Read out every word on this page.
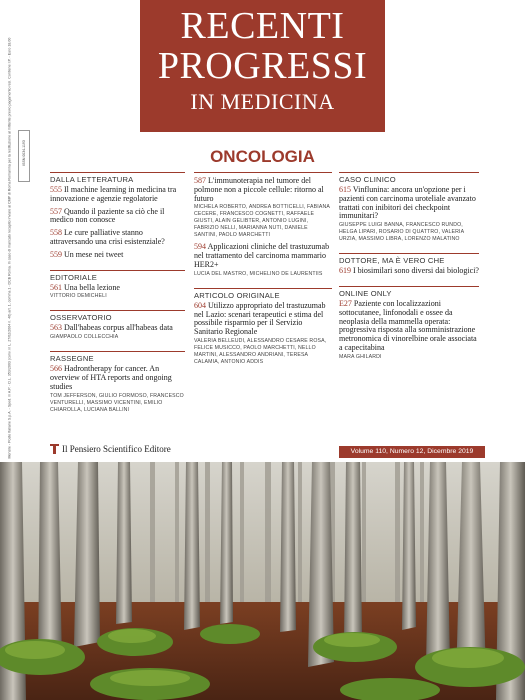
RECENTI
PROGRESSI
IN MEDICINA
Mensile - Poste Italiane S.p.A. - Sped. in A.P. - D.L. 353/2003 (conv. in L. 27/02/2004 n. 46) art. 1, comma 1 - DCB Roma. In caso di mancato recapito inviare al CMP di Roma Romanina per la restituzione al mittente previo pagamento resi. Contiene I.P. - Euro 18,00	ISSN 0034-1193	ONCOLOGIA
DALLA LETTERATURA
555 Il machine learning in medicina tra innovazione e agenzie regolatorie
557 Quando il paziente sa ciò che il medico non conosce
558 Le cure palliative stanno attraversando una crisi esistenziale?
559 Un mese nei tweet
EDITORIALE
561 Una bella lezione
VITTORIO DEMICHELI
OSSERVATORIO
563 Dall'habeas corpus all'habeas data
GIAMPAOLO COLLECCHIA
RASSEGNE
566 Hadrontherapy for cancer. An overview of HTA reports and ongoing studies
TOM JEFFERSON, GIULIO FORMOSO, FRANCESCO VENTURELLI, MASSIMO VICENTINI, EMILIO CHIAROLLA, LUCIANA BALLINI
587 L'immunoterapia nel tumore del polmone non a piccole cellule: ritorno al futuro
MICHELA ROBERTO, ANDREA BOTTICELLI, FABIANA CECERE, FRANCESCO COGNETTI, RAFFAELE GIUSTI, ALAIN GELIBTER, ANTONIO LUGINI, FABRIZIO NELLI, MARIANNA NUTI, DANIELE SANTINI, PAOLO MARCHETTI
594 Applicazioni cliniche del trastuzumab nel trattamento del carcinoma mammario HER2+
LUCIA DEL MASTRO, MICHELINO DE LAURENTIIS
ARTICOLO ORIGINALE
604 Utilizzo appropriato del trastuzumab nel Lazio: scenari terapeutici e stima del possibile risparmio per il Servizio Sanitario Regionale
VALERIA BELLEUDI, ALESSANDRO CESARE ROSA, FELICE MUSICCO, PAOLO MARCHETTI, NELLO MARTINI, ALESSANDRO ANDRIANI, TERESA CALAMIA, ANTONIO ADDIS
CASO CLINICO
615 Vinflunina: ancora un'opzione per i pazienti con carcinoma uroteliale avanzato trattati con inibitori dei checkpoint immunitari?
GIUSEPPE LUIGI BANNA, FRANCESCO RUNDO, HELGA LIPARI, ROSARIO DI QUATTRO, VALERIA URZIA, MASSIMO LIBRA, LORENZO MALATINO
DOTTORE, MA È VERO CHE
619 I biosimilari sono diversi dai biologici?
ONLINE ONLY
E27 Paziente con localizzazioni sottocutanee, linfonodali e ossee da neoplasia della mammella operata: progressiva risposta alla somministrazione metronomica di vinorelbine orale associata a capecitabina
MARA GHILARDI
Il Pensiero Scientifico Editore	Volume 110, Numero 12, Dicembre 2019
